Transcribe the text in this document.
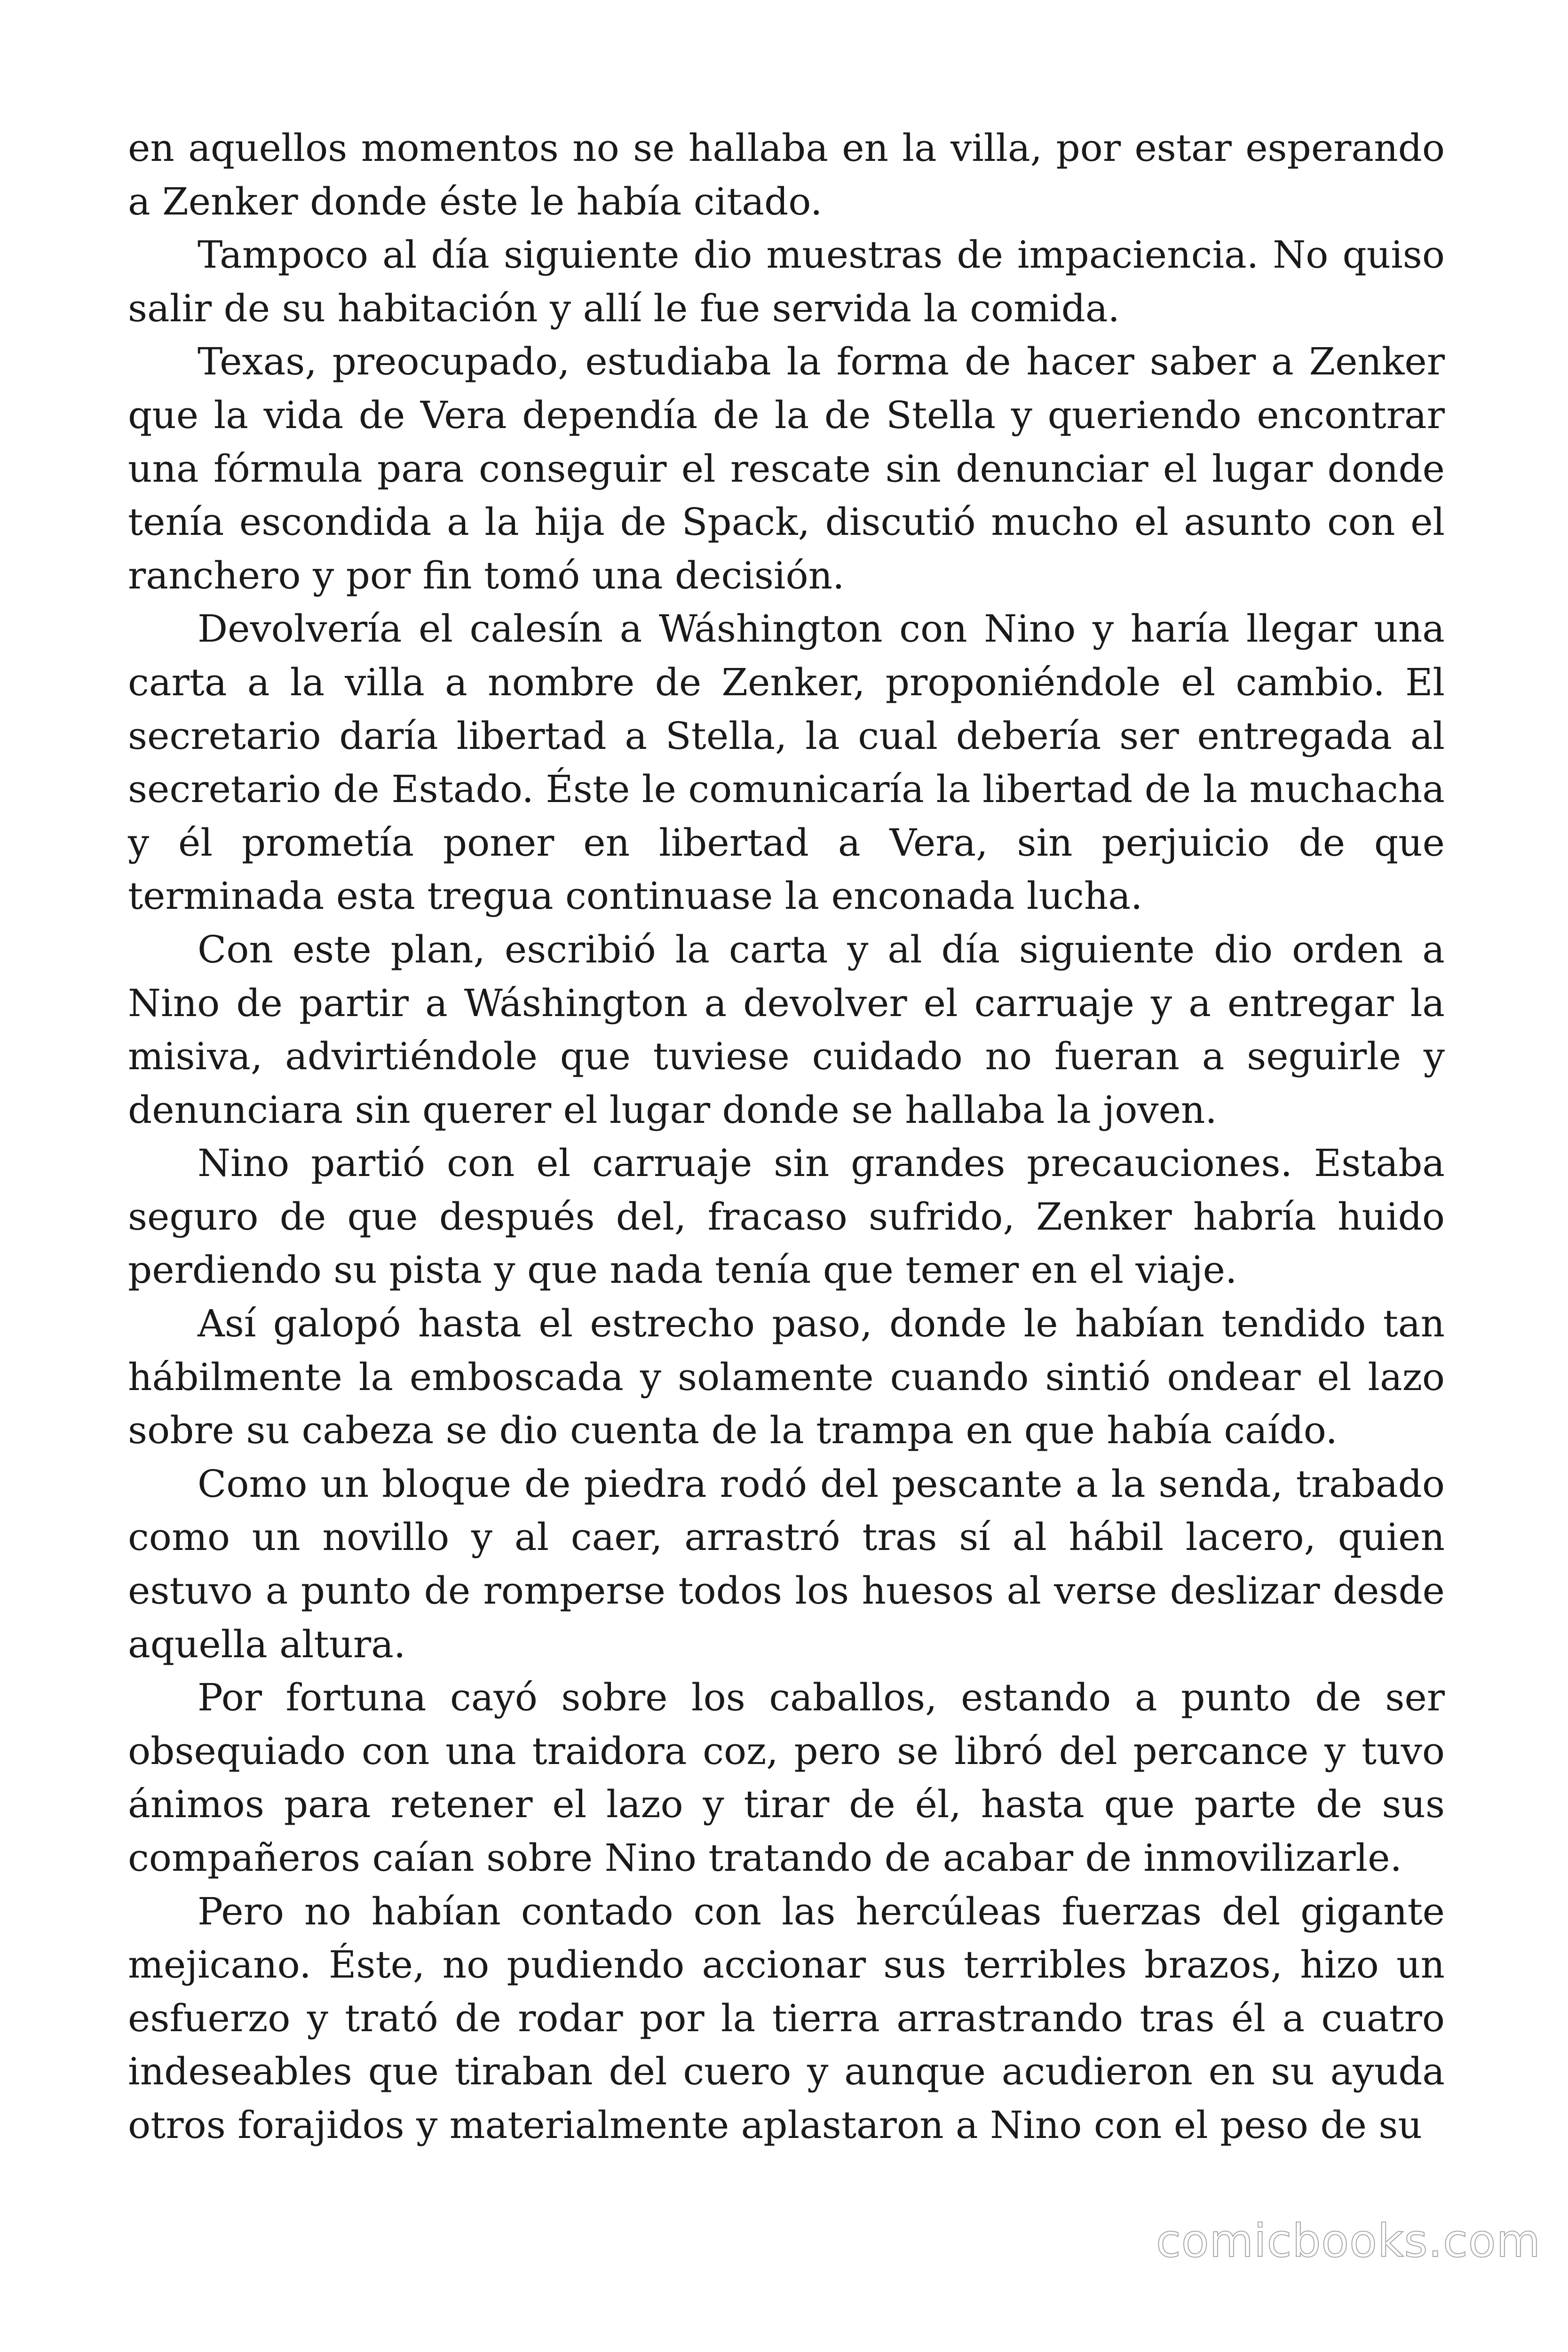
en aquellos momentos no se hallaba en la villa, por estar esperando a Zenker donde éste le había citado.

Tampoco al día siguiente dio muestras de impaciencia. No quiso salir de su habitación y allí le fue servida la comida.

Texas, preocupado, estudiaba la forma de hacer saber a Zenker que la vida de Vera dependía de la de Stella y queriendo encontrar una fórmula para conseguir el rescate sin denunciar el lugar donde tenía escondida a la hija de Spack, discutió mucho el asunto con el ranchero y por fin tomó una decisión.

Devolvería el calesín a Wáshington con Nino y haría llegar una carta a la villa a nombre de Zenker, proponiéndole el cambio. El secretario daría libertad a Stella, la cual debería ser entregada al secretario de Estado. Éste le comunicaría la libertad de la muchacha y él prometía poner en libertad a Vera, sin perjuicio de que terminada esta tregua continuase la enconada lucha.

Con este plan, escribió la carta y al día siguiente dio orden a Nino de partir a Wáshington a devolver el carruaje y a entregar la misiva, advirtiéndole que tuviese cuidado no fueran a seguirle y denunciara sin querer el lugar donde se hallaba la joven.

Nino partió con el carruaje sin grandes precauciones. Estaba seguro de que después del, fracaso sufrido, Zenker habría huido perdiendo su pista y que nada tenía que temer en el viaje.

Así galopó hasta el estrecho paso, donde le habían tendido tan hábilmente la emboscada y solamente cuando sintió ondear el lazo sobre su cabeza se dio cuenta de la trampa en que había caído.

Como un bloque de piedra rodó del pescante a la senda, trabado como un novillo y al caer, arrastró tras sí al hábil lacero, quien estuvo a punto de romperse todos los huesos al verse deslizar desde aquella altura.

Por fortuna cayó sobre los caballos, estando a punto de ser obsequiado con una traidora coz, pero se libró del percance y tuvo ánimos para retener el lazo y tirar de él, hasta que parte de sus compañeros caían sobre Nino tratando de acabar de inmovilizarle.

Pero no habían contado con las hercúleas fuerzas del gigante mejicano. Éste, no pudiendo accionar sus terribles brazos, hizo un esfuerzo y trató de rodar por la tierra arrastrando tras él a cuatro indeseables que tiraban del cuero y aunque acudieron en su ayuda otros forajidos y materialmente aplastaron a Nino con el peso de su

comicbooks.com
